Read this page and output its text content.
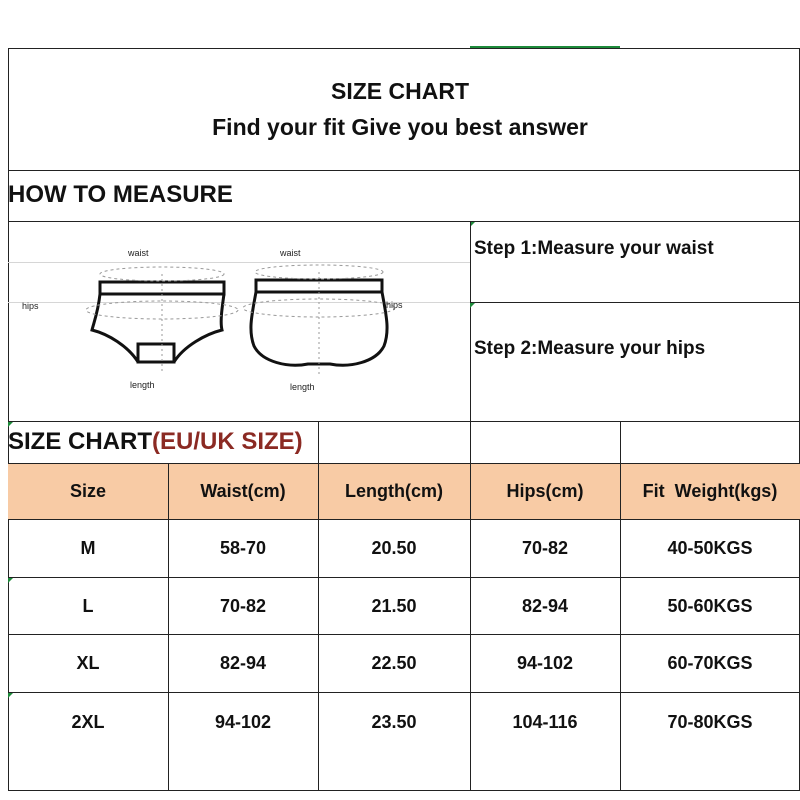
SIZE CHART
Find your fit Give you best answer
HOW TO MEASURE
waist
hips
length
waist
hips
length
Step 1:Measure your waist
Step 2:Measure your hips
SIZE CHART(EU/UK SIZE)
Size	Waist(cm)	Length(cm)	Hips(cm)	Fit  Weight(kgs)
M	58-70	20.50	70-82	40-50KGS
L	70-82	21.50	82-94	50-60KGS
XL	82-94	22.50	94-102	60-70KGS
2XL	94-102	23.50	104-116	70-80KGS
